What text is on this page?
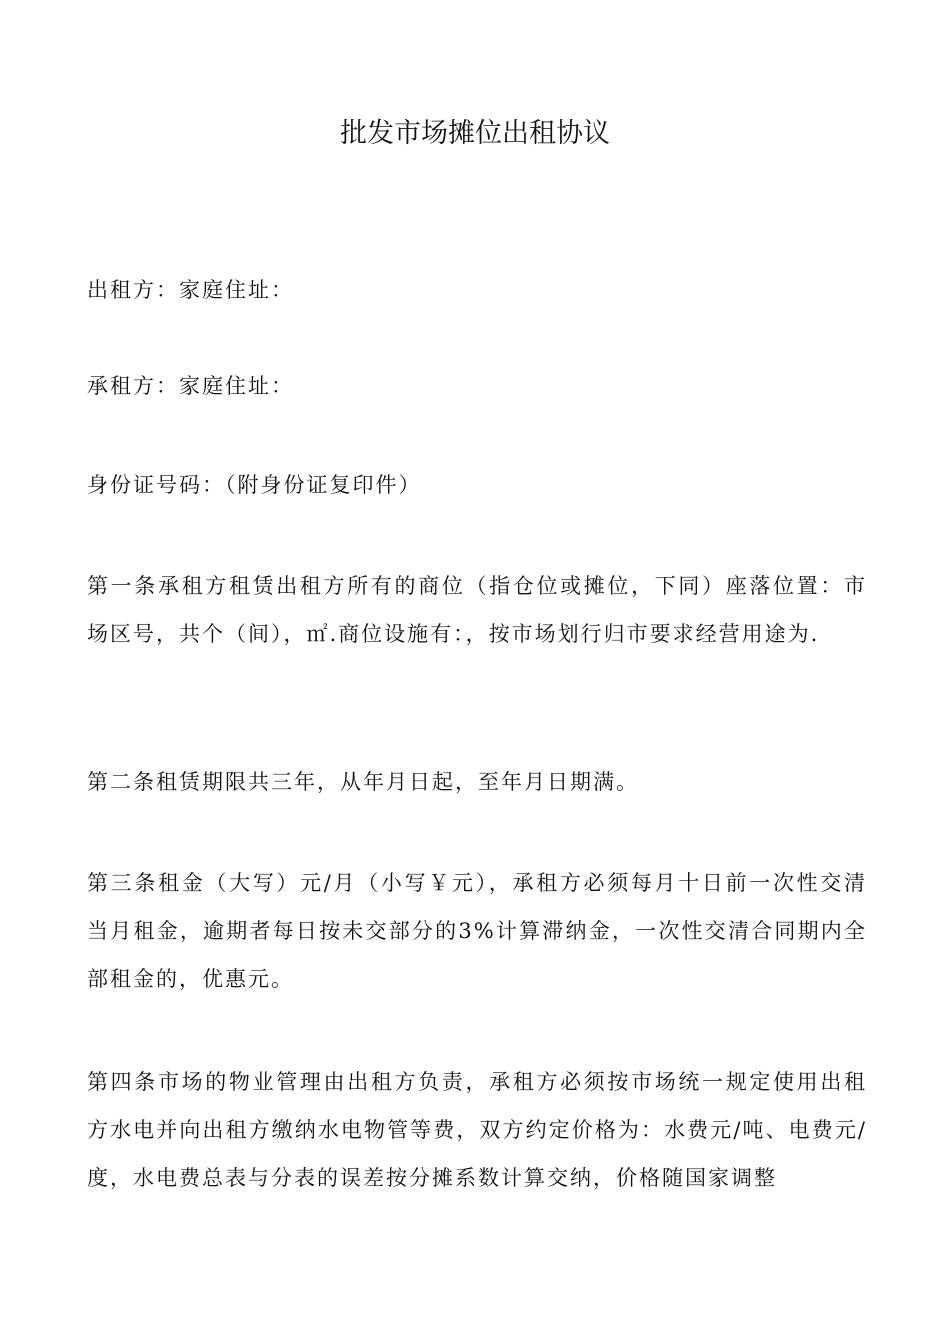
批发市场摊位出租协议

出租方：家庭住址：

承租方：家庭住址：

身份证号码：（附身份证复印件）

第一条承租方租赁出租方所有的商位（指仓位或摊位，下同）座落位置：市场区号，共个（间），㎡.商位设施有：，按市场划行归市要求经营用途为.

第二条租赁期限共三年，从年月日起，至年月日期满。

第三条租金（大写）元/月（小写￥元），承租方必须每月十日前一次性交清当月租金，逾期者每日按未交部分的3%计算滞纳金，一次性交清合同期内全部租金的，优惠元。

第四条市场的物业管理由出租方负责，承租方必须按市场统一规定使用出租方水电并向出租方缴纳水电物管等费，双方约定价格为：水费元/吨、电费元/度，水电费总表与分表的误差按分摊系数计算交纳，价格随国家调整
